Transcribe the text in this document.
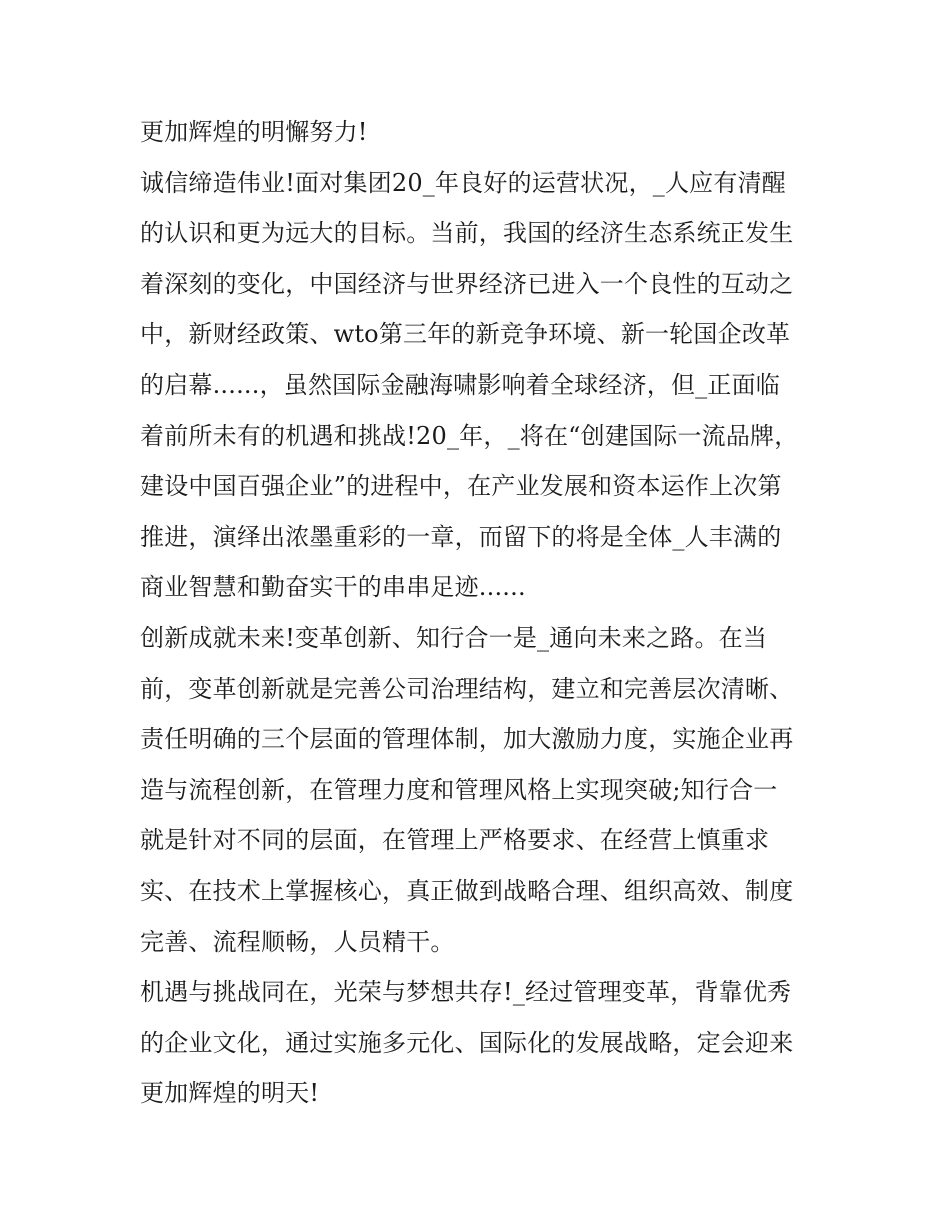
更加辉煌的明懈努力!
诚信缔造伟业!面对集团20_年良好的运营状况，_人应有清醒
的认识和更为远大的目标。当前，我国的经济生态系统正发生
着深刻的变化，中国经济与世界经济已进入一个良性的互动之
中，新财经政策、wto第三年的新竞争环境、新一轮国企改革
的启幕......，虽然国际金融海啸影响着全球经济，但_正面临
着前所未有的机遇和挑战!20_年，_将在“创建国际一流品牌，
建设中国百强企业”的进程中，在产业发展和资本运作上次第
推进，演绎出浓墨重彩的一章，而留下的将是全体_人丰满的
商业智慧和勤奋实干的串串足迹......
创新成就未来!变革创新、知行合一是_通向未来之路。在当
前，变革创新就是完善公司治理结构，建立和完善层次清晰、
责任明确的三个层面的管理体制，加大激励力度，实施企业再
造与流程创新，在管理力度和管理风格上实现突破;知行合一
就是针对不同的层面，在管理上严格要求、在经营上慎重求
实、在技术上掌握核心，真正做到战略合理、组织高效、制度
完善、流程顺畅，人员精干。
机遇与挑战同在，光荣与梦想共存!_经过管理变革，背靠优秀
的企业文化，通过实施多元化、国际化的发展战略，定会迎来
更加辉煌的明天!
